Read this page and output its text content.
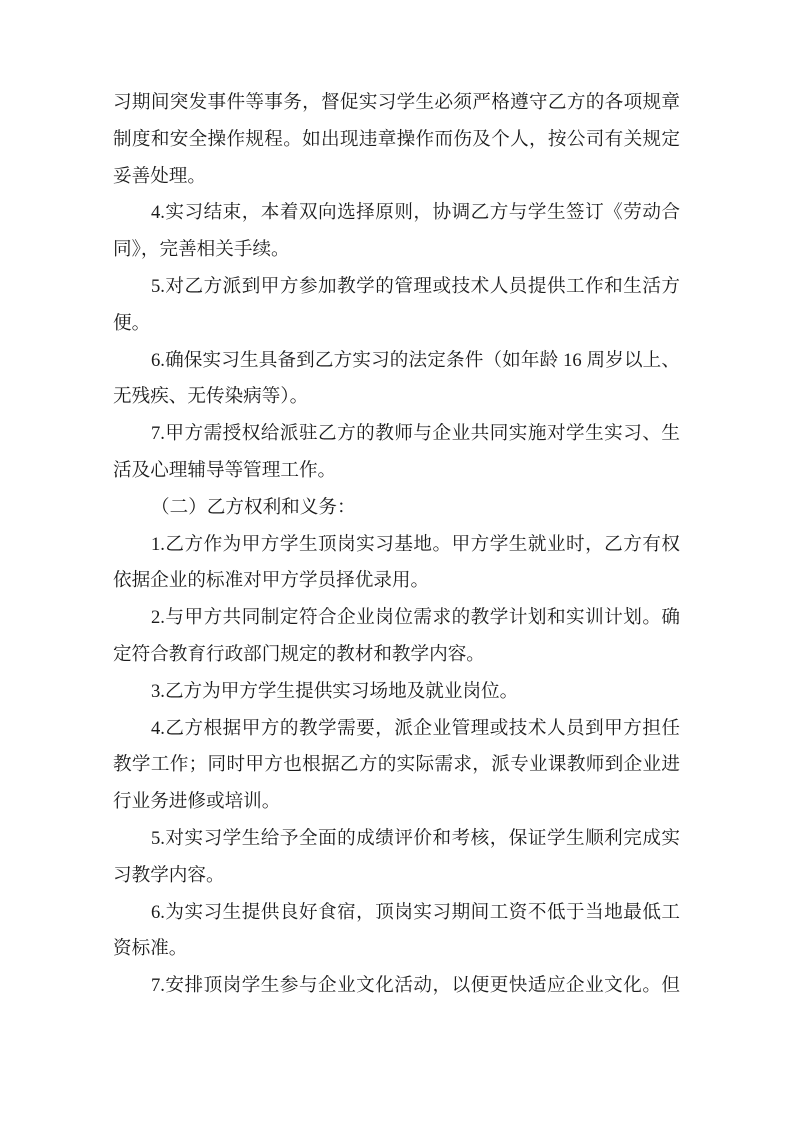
习期间突发事件等事务，督促实习学生必须严格遵守乙方的各项规章

制度和安全操作规程。如出现违章操作而伤及个人，按公司有关规定

妥善处理。

4.实习结束，本着双向选择原则，协调乙方与学生签订《劳动合

同》，完善相关手续。

5.对乙方派到甲方参加教学的管理或技术人员提供工作和生活方

便。

6.确保实习生具备到乙方实习的法定条件（如年龄 16 周岁以上、

无残疾、无传染病等）。

7.甲方需授权给派驻乙方的教师与企业共同实施对学生实习、生

活及心理辅导等管理工作。

（二）乙方权利和义务：

1.乙方作为甲方学生顶岗实习基地。甲方学生就业时，乙方有权

依据企业的标准对甲方学员择优录用。

2.与甲方共同制定符合企业岗位需求的教学计划和实训计划。确

定符合教育行政部门规定的教材和教学内容。

3.乙方为甲方学生提供实习场地及就业岗位。

4.乙方根据甲方的教学需要，派企业管理或技术人员到甲方担任

教学工作；同时甲方也根据乙方的实际需求，派专业课教师到企业进

行业务进修或培训。

5.对实习学生给予全面的成绩评价和考核，保证学生顺利完成实

习教学内容。

6.为实习生提供良好食宿，顶岗实习期间工资不低于当地最低工

资标准。

7.安排顶岗学生参与企业文化活动，以便更快适应企业文化。但
